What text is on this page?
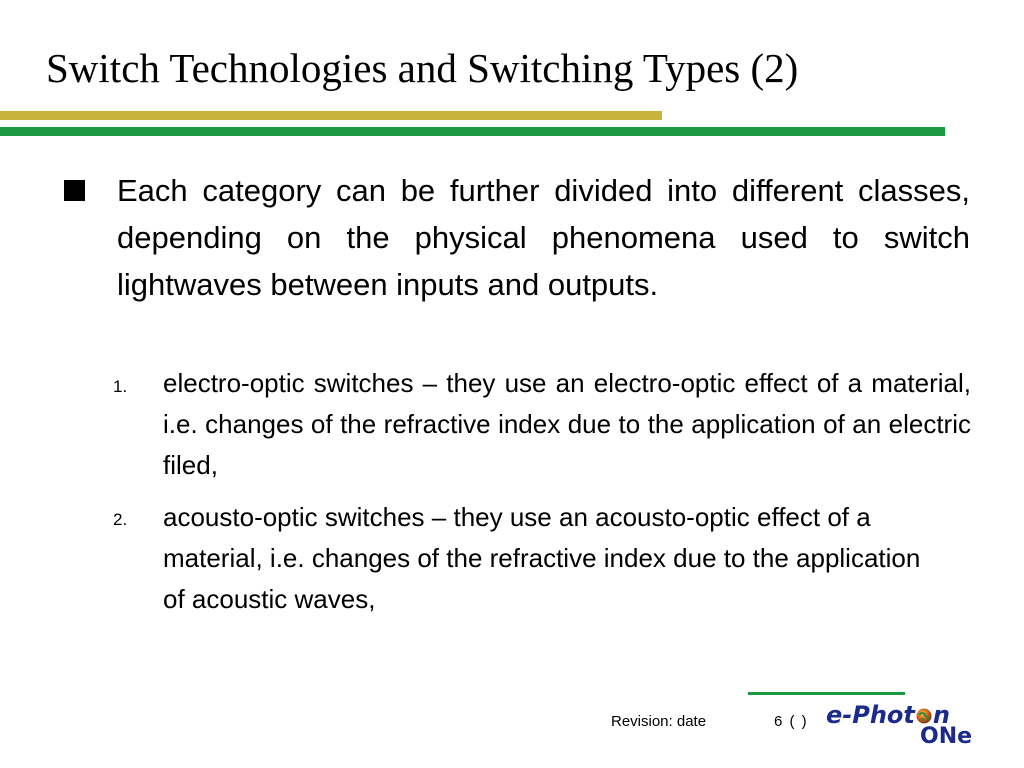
Switch Technologies and Switching Types (2)
Each category can be further divided into different classes, depending on the physical phenomena used to switch lightwaves between inputs and outputs.
1. electro-optic switches – they use an electro-optic effect of a material, i.e. changes of the refractive index due to the application of an electric filed,
2. acousto-optic switches – they use an acousto-optic effect of a material, i.e. changes of the refractive index due to the application of acoustic waves,
Revision: date	6 ( ) e-Phot n
ONe
